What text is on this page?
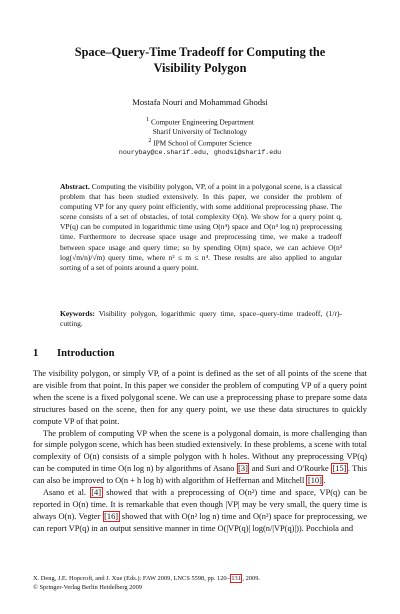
Space–Query-Time Tradeoff for Computing the
Visibility Polygon
Mostafa Nouri and Mohammad Ghodsi
$^1$ Computer Engineering Department
Sharif University of Technology
$^2$ IPM School of Computer Science
nourybay@ce.sharif.edu, ghodsi@sharif.edu
Abstract. Computing the visibility polygon, VP, of a point in a polygonal scene, is a classical problem that has been studied extensively. In this paper, we consider the problem of computing VP for any query point efficiently, with some additional preprocessing phase. The scene consists of a set of obstacles, of total complexity O(n). We show for a query point q, VP(q) can be computed in logarithmic time using O(n⁴) space and O(n⁴ log n) preprocessing time. Furthermore to decrease space usage and preprocessing time, we make a tradeoff between space usage and query time; so by spending O(m) space, we can achieve O(n² log(√m/n)/√m) query time, where n² ≤ m ≤ n⁴. These results are also applied to angular sorting of a set of points around a query point.
Keywords: Visibility polygon, logarithmic query time, space–query-time tradeoff, (1/r)-cutting.
1 Introduction

The visibility polygon, or simply VP, of a point is defined as the set of all points of the scene that are visible from that point. In this paper we consider the problem of computing VP of a query point when the scene is a fixed polygonal scene. We can use a preprocessing phase to prepare some data structures based on the scene, then for any query point, we use these data structures to quickly compute VP of that point.

The problem of computing VP when the scene is a polygonal domain, is more challenging than for simple polygon scene, which has been studied extensively. In these problems, a scene with total complexity of O(n) consists of a simple polygon with h holes. Without any preprocessing VP(q) can be computed in time O(n log n) by algorithms of Asano [3] and Suri and O'Rourke [15] . This can also be improved to O(n + h log h) with algorithm of Heffernan and Mitchell [10] .

Asano et al. [4] showed that with a preprocessing of O(n²) time and space, VP(q) can be reported in O(n) time. It is remarkable that even though |VP| may be very small, the query time is always O(n). Vegter [16] showed that with O(n² log n) time and O(n²) space for preprocessing, we can report VP(q) in an output sensitive manner in time O(|VP(q)| log(n/|VP(q)|)). Pocchiola and

X. Deng, J.E. Hopcroft, and J. Xue (Eds.): FAW 2009, LNCS 5598, pp. 120– 131 , 2009.
© Springer-Verlag Berlin Heidelberg 2009
